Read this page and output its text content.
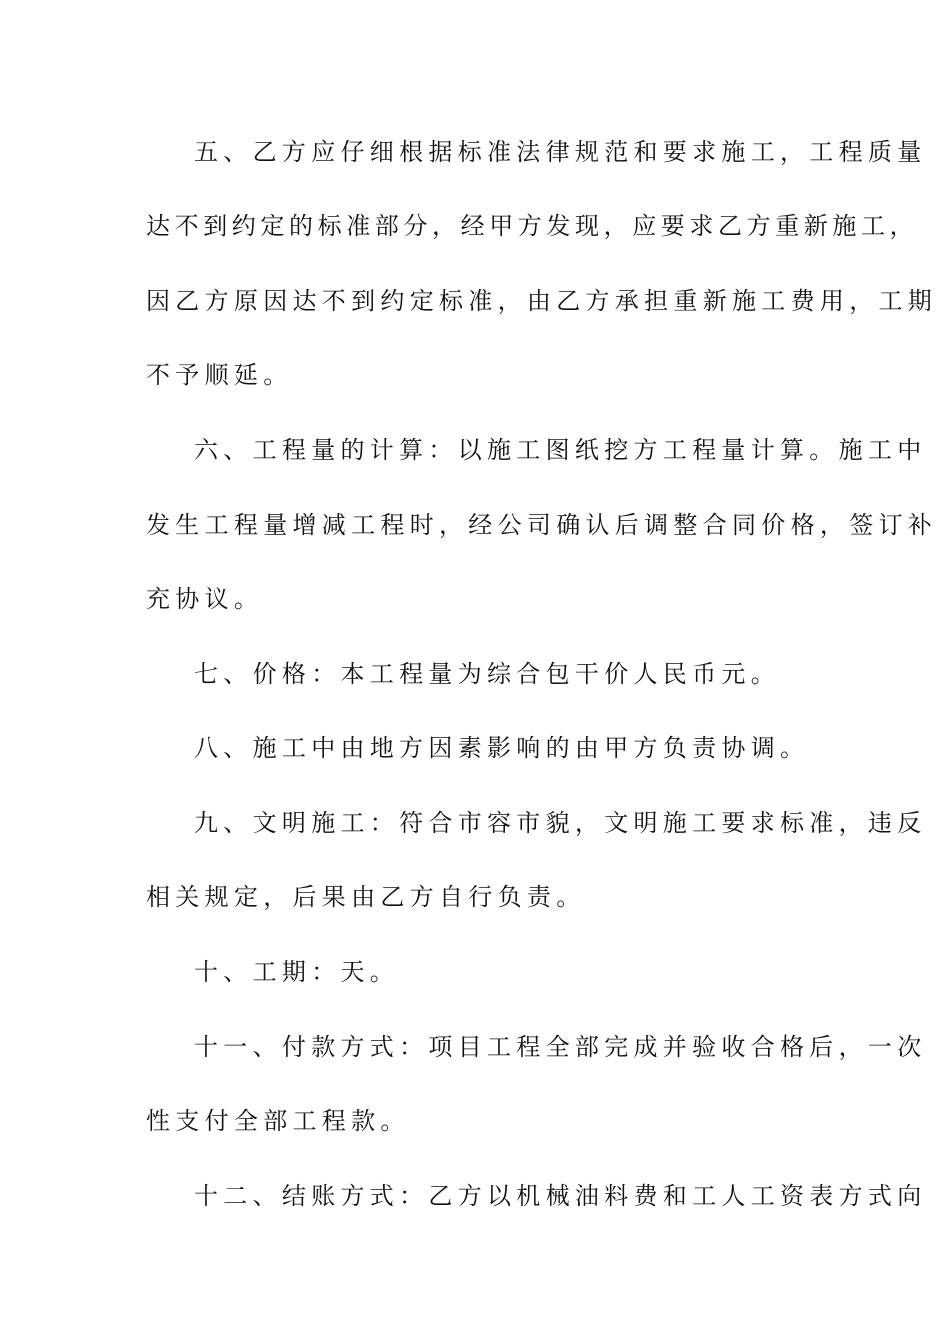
五、乙方应仔细根据标准法律规范和要求施工，工程质量

达不到约定的标准部分，经甲方发现，应要求乙方重新施工，

因乙方原因达不到约定标准，由乙方承担重新施工费用，工期

不予顺延。

六、工程量的计算：以施工图纸挖方工程量计算。施工中

发生工程量增减工程时，经公司确认后调整合同价格，签订补

充协议。

七、价格：本工程量为综合包干价人民币元。

八、施工中由地方因素影响的由甲方负责协调。

九、文明施工：符合市容市貌，文明施工要求标准，违反

相关规定，后果由乙方自行负责。

十、工期：天。

十一、付款方式：项目工程全部完成并验收合格后，一次

性支付全部工程款。

十二、结账方式：乙方以机械油料费和工人工资表方式向
